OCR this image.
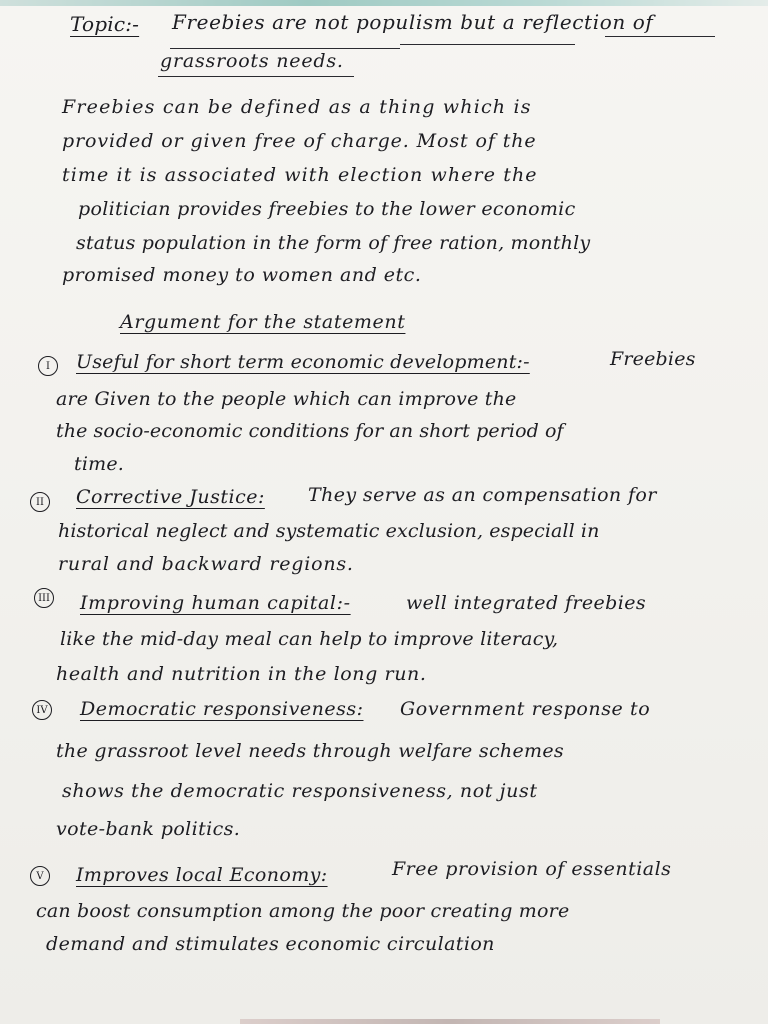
Topic:- Freebies are not populism but a reflection of
grassroots needs.
Freebies can be defined as a thing which is
provided or given free of charge. Most of the
time it is associated with election where the
politician provides freebies to the lower economic
status population in the form of free ration, monthly
promised money to women and etc.
Argument for the statement
I	Useful for short term economic development:-	Freebies
are Given to the people which can improve the
the socio-economic conditions for an short period of
time.
II	Corrective Justice: They serve as an compensation for
historical neglect and systematic exclusion, especiall in
rural and backward regions.
III Improving human capital:-	well integrated freebies
like the mid-day meal can help to improve literacy,
health and nutrition in the long run.
IV Democratic responsiveness: Government response to
the grassroot level needs through welfare schemes
shows the democratic responsiveness, not just
vote-bank politics.
V	Improves local Economy:	Free provision of essentials
can boost consumption among the poor creating more
demand and stimulates economic circulation
